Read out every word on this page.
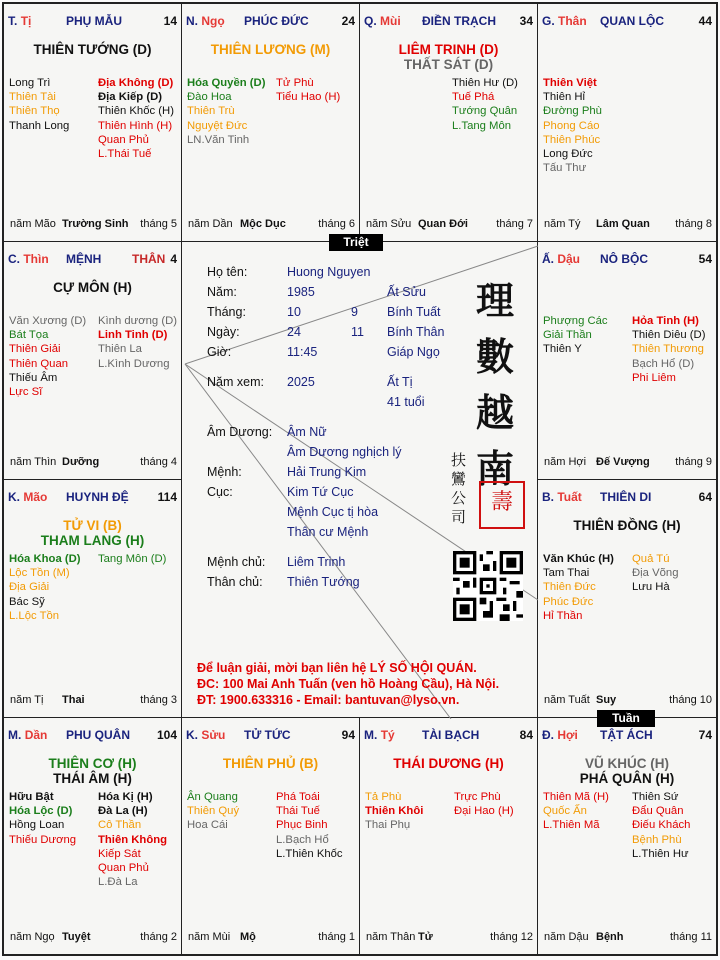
T. Tị	PHỤ MẪU	14
THIÊN TƯỚNG (D)
Long Trì
Thiên Tài
Thiên Thọ
Thanh Long
Địa Không (D)
Địa Kiếp (D)
Thiên Khốc (H)
Thiên Hình (H)
Quan Phủ
L.Thái Tuế
năm Mão Trường Sinh tháng 5
N. Ngọ PHÚC ĐỨC	24
THIÊN LƯƠNG (M)
Hóa Quyền (D)
Đào Hoa
Thiên Trù
Nguyệt Đức
LN.Văn Tinh
Tử Phù
Tiểu Hao (H)
năm Dần Mộc Dục	tháng 6
Q. Mùi ĐIỀN TRẠCH 34
LIÊM TRINH (D)
THẤT SÁT (D)
Thiên Hư (D)
Tuế Phá
Tướng Quân
L.Tang Môn
năm Sửu Quan Đới	tháng 7
G. Thân QUAN LỘC	44
Thiên Việt
Thiên Hỉ
Đường Phù
Phong Cáo
Thiên Phúc
Long Đức
Tấu Thư
năm Tý Lâm Quan tháng 8
Ấ. Dậu NÔ BỘC	54
Phượng Các
Giải Thần
Thiên Y
Hỏa Tinh (H)
Thiên Diêu (D)
Thiên Thương
Bạch Hổ (D)
Phi Liêm
năm Hợi Đế Vượng tháng 9
B. Tuất THIÊN DI	64
THIÊN ĐỒNG (H)
Văn Khúc (H)
Tam Thai
Thiên Đức
Phúc Đức
Hỉ Thần
Quả Tú
Địa Võng
Lưu Hà
năm Tuất Suy	tháng 10
Đ. Hợi TẬT ÁCH	74
VŨ KHÚC (H)
PHÁ QUÂN (H)
Thiên Mã (H)
Quốc Ấn
L.Thiên Mã
Thiên Sứ
Đẩu Quân
Điếu Khách
Bệnh Phù
L.Thiên Hư
năm Dậu Bệnh	tháng 11
M. Tý TÀI BẠCH	84
THÁI DƯƠNG (H)
Tả Phù
Thiên Khôi
Thai Phụ
Trực Phù
Đại Hao (H)
năm Thân Tử	tháng 12
K. Sửu TỬ TỨC	94
THIÊN PHỦ (B)
Ân Quang
Thiên Quý
Hoa Cái
Phá Toái
Thái Tuế
Phục Binh
L.Bạch Hổ
L.Thiên Khốc
năm Mùi Mộ	tháng 1
M. Dần PHU QUÂN 104
THIÊN CƠ (H)
THÁI ÂM (H)
Hữu Bật
Hóa Lộc (D)
Hồng Loan
Thiếu Dương
Hóa Kị (H)
Đà La (H)
Cô Thần
Thiên Không
Kiếp Sát
Quan Phủ
L.Đà La
năm Ngọ Tuyệt	tháng 2
K. Mão HUYNH ĐỆ 114
TỬ VI (B)
THAM LANG (H)
Hóa Khoa (D)
Lộc Tồn (M)
Địa Giải
Bác Sỹ
L.Lộc Tồn
Tang Môn (D)
năm Tị Thai	tháng 3
C. Thìn MỆNH	THÂN 4
CỰ MÔN (H)
Văn Xương (D)
Bát Tọa
Thiên Giải
Thiên Quan
Thiếu Âm
Lực Sĩ
Kình dương (D)
Linh Tinh (D)
Thiên La
L.Kình Dương
năm Thìn Dưỡng	tháng 4
Họ tên:	Huong Nguyen
Năm:	1985	Ất Sửu
Tháng:	10	9 Bính Tuất
Ngày:	24	11 Bính Thân
Giờ:	11:45	Giáp Ngọ
Năm xem: 2025	Ất Tị
41 tuổi
Âm Dương: Âm Nữ
Âm Dương nghịch lý
Mệnh:	Hải Trung Kim
Cục:	Kim Tứ Cục
Mệnh Cục tị hòa
Thân cư Mệnh
Mệnh chủ: Liêm Trinh
Thân chủ: Thiên Tướng
理
數
越
南
扶鸞公司
壽
Để luận giải, mời bạn liên hệ LÝ SỐ HỘI QUÁN.
ĐC: 100 Mai Anh Tuấn (ven hồ Hoàng Cầu), Hà Nội.
ĐT: 1900.633316 - Email: bantuvan@lyso.vn.
Triệt
Tuần
